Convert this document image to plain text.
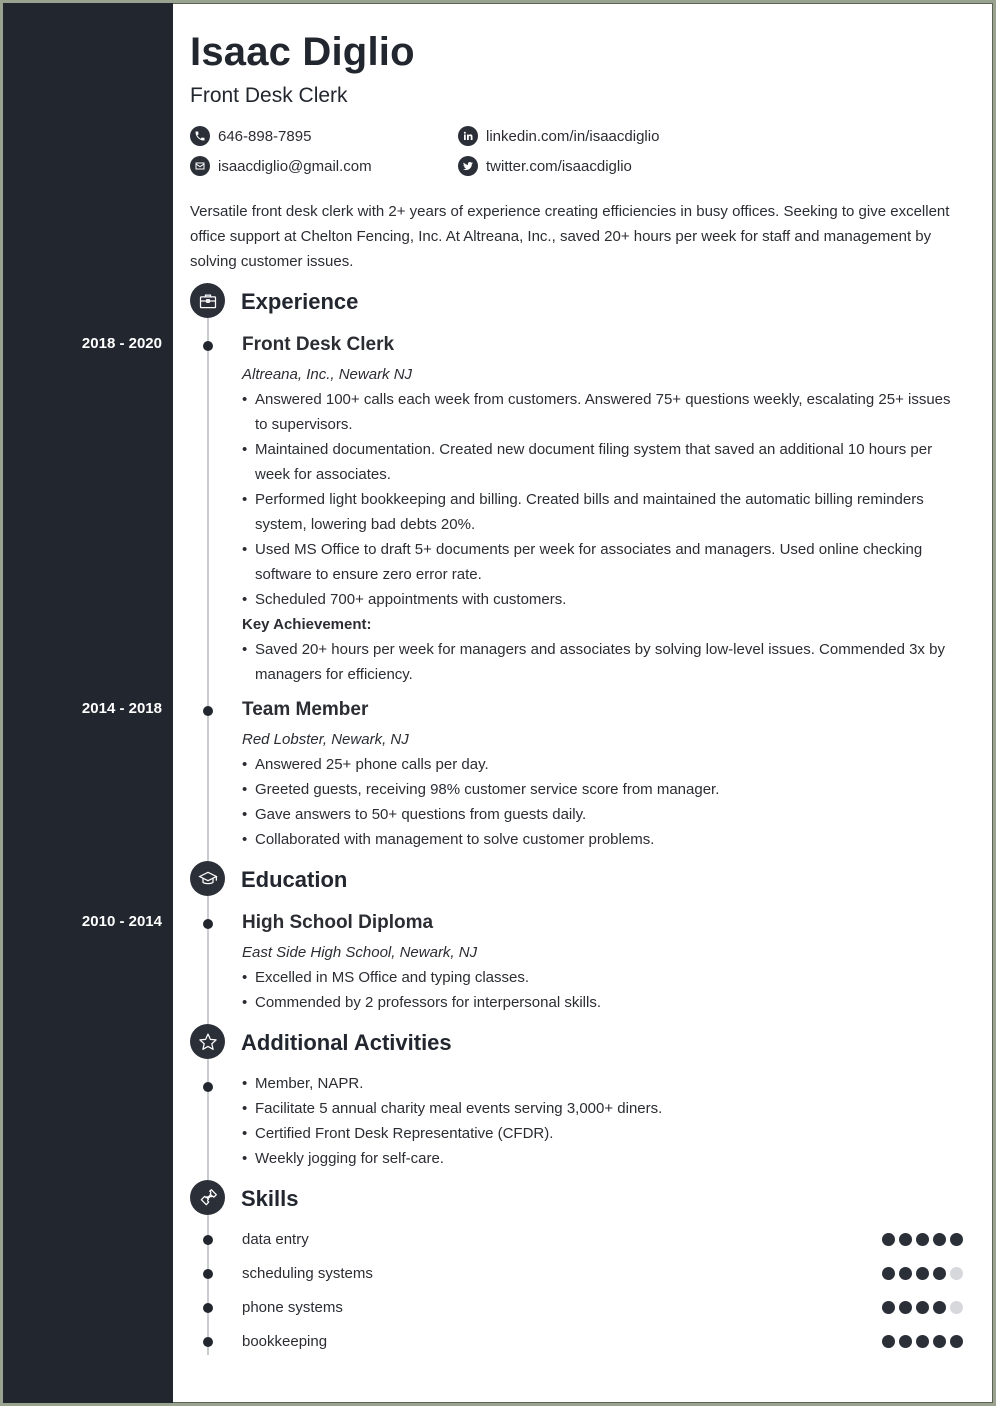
Isaac Diglio
Front Desk Clerk
646-898-7895
isaacdiglio@gmail.com
linkedin.com/in/isaacdiglio
twitter.com/isaacdiglio

Versatile front desk clerk with 2+ years of experience creating efficiencies in busy offices. Seeking to give excellent office support at Chelton Fencing, Inc. At Altreana, Inc., saved 20+ hours per week for staff and management by solving customer issues.

Experience
2018 - 2020	Front Desk Clerk
Altreana, Inc., Newark NJ
• Answered 100+ calls each week from customers. Answered 75+ questions weekly, escalating 25+ issues to supervisors.
• Maintained documentation. Created new document filing system that saved an additional 10 hours per week for associates.
• Performed light bookkeeping and billing. Created bills and maintained the automatic billing reminders system, lowering bad debts 20%.
• Used MS Office to draft 5+ documents per week for associates and managers. Used online checking software to ensure zero error rate.
• Scheduled 700+ appointments with customers.
Key Achievement:
• Saved 20+ hours per week for managers and associates by solving low-level issues. Commended 3x by managers for efficiency.
2014 - 2018	Team Member
Red Lobster, Newark, NJ
• Answered 25+ phone calls per day.
• Greeted guests, receiving 98% customer service score from manager.
• Gave answers to 50+ questions from guests daily.
• Collaborated with management to solve customer problems.
Education
2010 - 2014	High School Diploma
East Side High School, Newark, NJ
• Excelled in MS Office and typing classes.
• Commended by 2 professors for interpersonal skills.
Additional Activities
• Member, NAPR.
• Facilitate 5 annual charity meal events serving 3,000+ diners.
• Certified Front Desk Representative (CFDR).
• Weekly jogging for self-care.
Skills
data entry
scheduling systems
phone systems
bookkeeping
